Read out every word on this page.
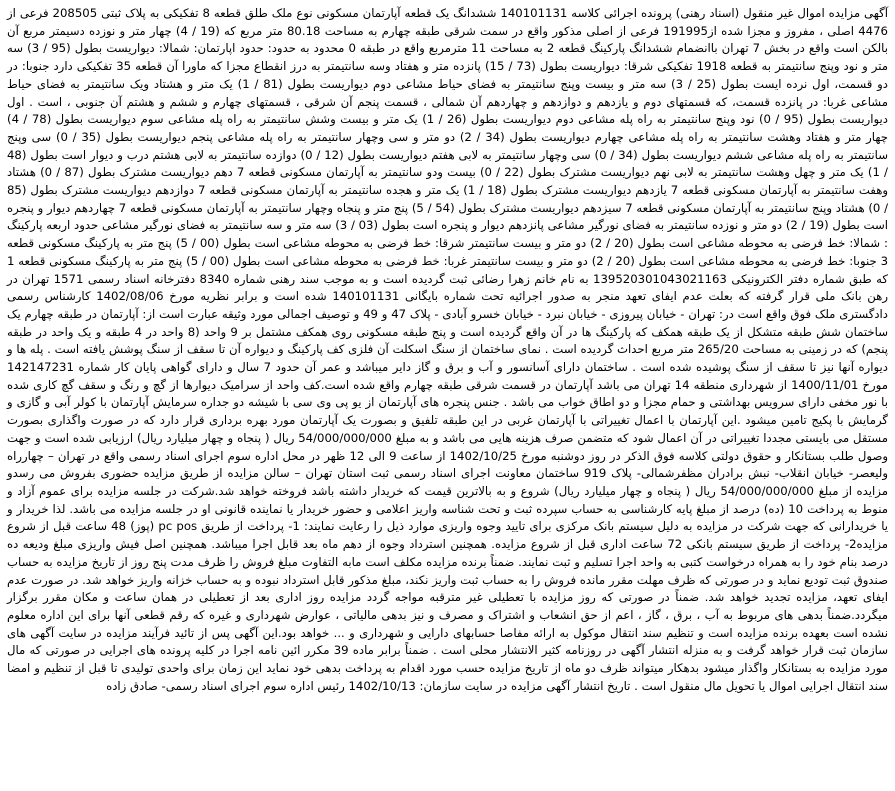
آگهی مزایده اموال غیر منقول (اسناد رهنی) پرونده اجرائی کلاسه 140101131 ششدانگ یک قطعه آپارتمان مسکونی نوع ملک طلق قطعه 8 تفکیکی به پلاک ثبتی 208505 فرعی از 4476 اصلی ، مفروز و مجزا شده از191995 فرعی از اصلی مذکور واقع در سمت شرقی طبقه چهارم به مساحت 80.18 متر مربع که (19 / 4) چهار متر و نوزده دسیمتر مربع آن بالکن است واقع در بخش 7 تهران باانضمام ششدانگ پارکینگ قطعه 2 به مساحت 11 مترمربع واقع در طبقه 0 محدود به حدود: حدود اپارتمان: شمالا: دیواریست بطول (95 / 3) سه متر و نود وپنج سانتیمتر به قطعه 1918 تفکیکی شرقا: دیواریست بطول (73 / 15) پانزده متر و هفتاد وسه سانتیمتر به درز انقطاع مجزا که ماورا آن قطعه 35 تفکیکی دارد جنوبا: در دو قسمت، اول نرده ایست بطول (25 / 3) سه متر و بیست وپنج سانتیمتر به فضای حیاط مشاعی دوم دیواریست بطول (81 / 1) یک متر و هشتاد ویک سانتیمتر به فضای حیاط مشاعی غربا: در پانزده قسمت، که قسمتهای دوم و یازدهم و دوازدهم و چهاردهم آن شمالی ، قسمت پنجم آن شرقی ، قسمتهای چهارم و ششم و هشتم آن جنوبی ، است . اول دیواریست بطول (95 / 0) نود وپنج سانتیمتر به راه پله مشاعی دوم دیواریست بطول (26 / 1) یک متر و بیست وشش سانتیمتر به راه پله مشاعی سوم دیواریست بطول (78 / 4) چهار متر و هفتاد وهشت سانتیمتر به راه پله مشاعی چهارم دیواریست بطول (34 / 2) دو متر و سی وچهار سانتیمتر به راه پله مشاعی پنجم دیواریست بطول (35 / 0) سی وپنج سانتیمتر به راه پله مشاعی ششم دیواریست بطول (34 / 0) سی وچهار سانتیمتر به لابی هفتم دیواریست بطول (12 / 0) دوازده سانتیمتر به لابی هشتم درب و دیوار است بطول (48 / 1) یک متر و چهل وهشت سانتیمتر به لابی نهم دیواریست مشترک بطول (22 / 0) بیست ودو سانتیمتر به آپارتمان مسکونی قطعه 7 دهم دیواریست مشترک بطول (87 / 0) هشتاد وهفت سانتیمتر به آپارتمان مسکونی قطعه 7 یازدهم دیواریست مشترک بطول (18 / 1) یک متر و هجده سانتیمتر به آپارتمان مسکونی قطعه 7 دوازدهم دیواریست مشترک بطول (85 / 0) هشتاد وپنج سانتیمتر به آپارتمان مسکونی قطعه 7 سیزدهم دیواریست مشترک بطول (54 / 5) پنج متر و پنجاه وچهار سانتیمتر به آپارتمان مسکونی قطعه 7 چهاردهم دیوار و پنجره است بطول (19 / 2) دو متر و نوزده سانتیمتر به فضای نورگیر مشاعی پانزدهم دیوار و پنجره است بطول (03 / 3) سه متر و سه سانتیمتر به فضای نورگیر مشاعی حدود اربعه پارکینگ : شمالا: خط فرضی به محوطه مشاعی است بطول (20 / 2) دو متر و بیست سانتیمتر شرقا: خط فرضی به محوطه مشاعی است بطول (00 / 5) پنج متر به پارکینگ مسکونی قطعه 3 جنوبا: خط فرضی به محوطه مشاعی است بطول (20 / 2) دو متر و بیست سانتیمتر غربا: خط فرضی به محوطه مشاعی است بطول (00 / 5) پنج متر به پارکینگ مسکونی قطعه 1 که طبق شماره دفتر الکترونیکی 139520301043021163 به نام خانم زهرا رضائی ثبت گردیده است و به موجب سند رهنی شماره 8340 دفترخانه اسناد رسمی 1571 تهران در رهن بانک ملی قرار گرفته که بعلت عدم ایفای تعهد منجر به صدور اجرائیه تحت شماره بایگانی 140101131 شده است و برابر نظریه مورخ 1402/08/06 کارشناس رسمی دادگستری ملک فوق واقع است در: تهران - خیابان پیروزی - خیابان نبرد - خیابان خسرو آبادی - پلاک 47 و 49 و توصیف اجمالی مورد وثیقه عبارت است از: آپارتمان در طبقه چهارم یک ساختمان شش طبقه متشکل از یک طبقه همکف که پارکینگ ها در آن واقع گردیده است و پنج طبقه مسکونی روی همکف مشتمل بر 9 واحد (8 واحد در 4 طبقه و یک واحد در طبقه پنجم) که در زمینی به مساحت 265/20 متر مربع احداث گردیده است . نمای ساختمان از سنگ اسکلت آن فلزی کف پارکینگ و دیواره آن تا سقف از سنگ پوشش یافته است . پله ها و دیواره آنها نیز تا سقف از سنگ پوشیده شده است . ساختمان دارای آسانسور و آب و برق و گاز دایر میباشد و عمر آن حدود 7 سال و دارای گواهی پایان کار شماره 142147231 مورخ 1400/11/01 از شهرداری منطقه 14 تهران می باشد آپارتمان در قسمت شرقی طبقه چهارم واقع شده است.کف واحد از سرامیک دیوارها از گچ و رنگ و سقف گچ کاری شده با نور مخفی دارای سرویس بهداشتی و حمام مجزا و دو اطاق خواب می باشد . جنس پنجره های آپارتمان از یو پی وی سی با شیشه دو جداره سرمایش آپارتمان با کولر آبی و گازی و گرمایش با پکیج تامین میشود .این آپارتمان با اعمال تغییراتی با آپارتمان غربی در این طبقه تلفیق و بصورت یک آپارتمان مورد بهره برداری قرار دارد که در صورت واگذاری بصورت مستقل می بایستی مجددا تغییراتی در آن اعمال شود که متضمن صرف هزینه هایی می باشد و به مبلغ 54/000/000/000 ریال ( پنجاه و چهار میلیارد ریال) ارزیابی شده است و جهت وصول طلب بستانکار و حقوق دولتی کلاسه فوق الذکر در روز دوشنبه مورخ 1402/10/25 از ساعت 9 الی 12 ظهر در محل اداره سوم اجرای اسناد رسمی واقع در تهران – چهارراه ولیعصر- خیابان انقلاب- نبش برادران مظفرشمالی- پلاک 919 ساختمان معاونت اجرای اسناد رسمی ثبت استان تهران – سالن مزایده از طریق مزایده حضوری بفروش می رسدو مزایده از مبلغ 54/000/000/000 ریال ( پنجاه و چهار میلیارد ریال) شروع و به بالاترین قیمت که خریدار داشته باشد فروخته خواهد شد.شرکت در جلسه مزایده برای عموم آزاد و منوط به پرداخت 10 (ده) درصد از مبلغ پایه کارشناسی به حساب سپرده ثبت و تحت شناسه واریز اعلامی و حضور خریدار یا نماینده قانونی او در جلسه مزایده می باشد. لذا خریدار و یا خریدارانی که جهت شرکت در مزایده به دلیل سیستم بانک مرکزی برای تایید وجوه واریزی موارد ذیل را رعایت نمایند: 1- پرداخت از طریق pc pos (پوز) 48 ساعت قبل از شروع مزایده2- پرداخت از طریق سیستم بانکی 72 ساعت اداری قبل از شروع مزایده. همچنین استرداد وجوه از دهم ماه بعد قابل اجرا میباشد. همچنین اصل فیش واریزی مبلغ ودیعه ده درصد بنام خود را به همراه درخواست کتبی به واحد اجرا تسلیم و ثبت نمایند. ضمناً برنده مزایده مکلف است مابه التفاوت مبلغ فروش را ظرف مدت پنج روز از تاریخ مزایده به حساب صندوق ثبت تودیع نماید و در صورتی که ظرف مهلت مقرر مانده فروش را به حساب ثبت واریز نکند، مبلغ مذکور قابل استرداد نبوده و به حساب خزانه واریز خواهد شد. در صورت عدم ایفای تعهد، مزایده تجدید خواهد شد. ضمناً در صورتی که روز مزایده با تعطیلی غیر مترقبه مواجه گردد مزایده روز اداری بعد از تعطیلی در همان ساعت و مکان مقرر برگزار میگردد.ضمناً بدهی های مربوط به آب ، برق ، گاز ، اعم از حق انشعاب و اشتراک و مصرف و نیز بدهی مالیاتی ، عوارض شهرداری و غیره که رقم قطعی آنها برای این اداره معلوم نشده است بعهده برنده مزایده است و تنظیم سند انتقال موکول به ارائه مفاصا حسابهای دارایی و شهرداری و ... خواهد بود.این آگهی پس از تائید فرآیند مزایده در سایت آگهی های سازمان ثبت قرار خواهد گرفت و به منزله انتشار آگهی در روزنامه کثیر الانتشار محلی است . ضمناً برابر ماده 39 مکرر ائین نامه اجرا در کلیه پرونده های اجرایی در صورتی که مال مورد مزایده به بستانکار واگذار میشود بدهکار میتواند ظرف دو ماه از تاریخ مزایده حسب مورد اقدام به پرداخت بدهی خود نماید این زمان برای واحدی تولیدی تا قبل از تنظیم و امضا سند انتقال اجرایی اموال یا تحویل مال منقول است . تاریخ انتشار آگهی مزایده در سایت سازمان: 1402/10/13 رئیس اداره سوم اجرای اسناد رسمی- صادق زاده
